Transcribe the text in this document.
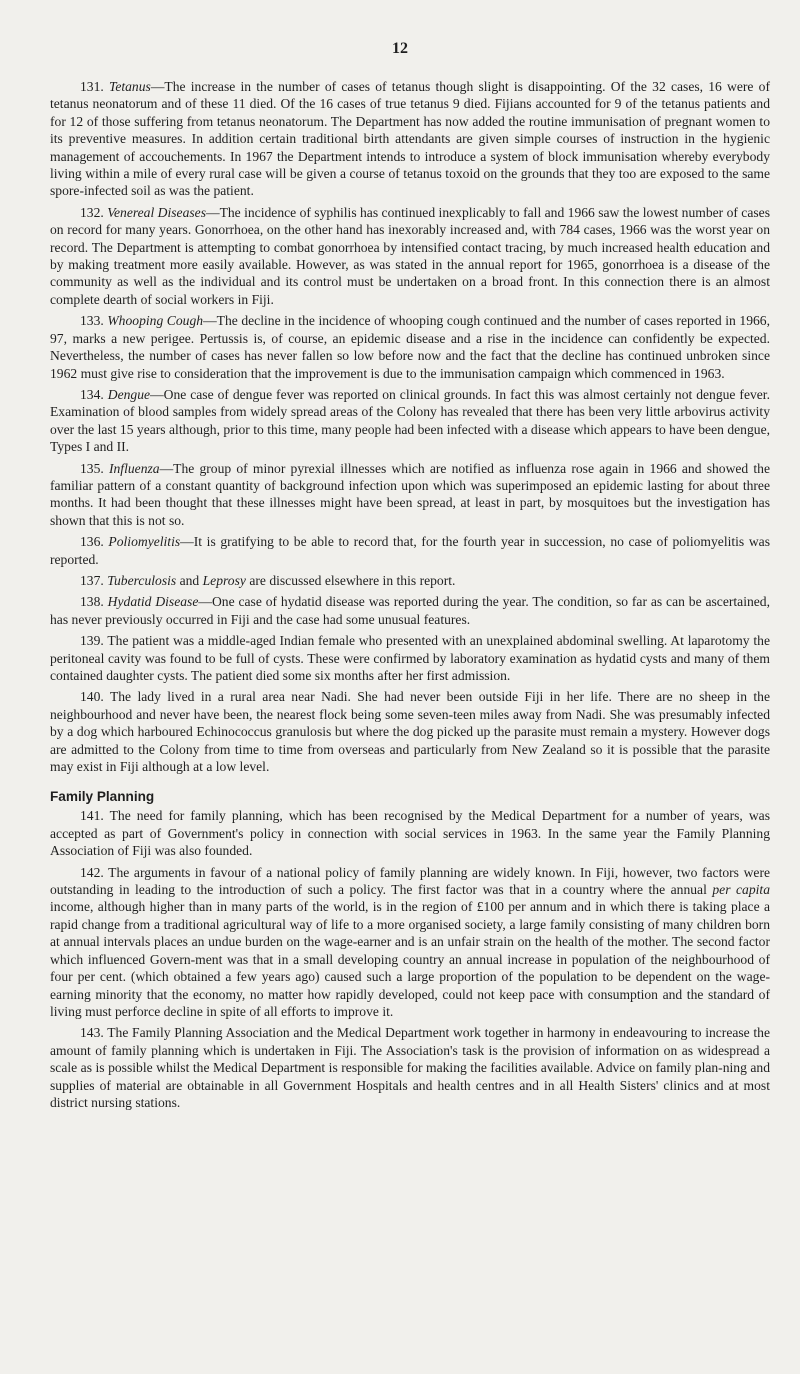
12

131. Tetanus—The increase in the number of cases of tetanus though slight is disappointing. Of the 32 cases, 16 were of tetanus neonatorum and of these 11 died. Of the 16 cases of true tetanus 9 died. Fijians accounted for 9 of the tetanus patients and for 12 of those suffering from tetanus neonatorum. The Department has now added the routine immunisation of pregnant women to its preventive measures. In addition certain traditional birth attendants are given simple courses of instruction in the hygienic management of accouchements. In 1967 the Department intends to introduce a system of block immunisation whereby everybody living within a mile of every rural case will be given a course of tetanus toxoid on the grounds that they too are exposed to the same spore-infected soil as was the patient.

132. Venereal Diseases—The incidence of syphilis has continued inexplicably to fall and 1966 saw the lowest number of cases on record for many years. Gonorrhoea, on the other hand has inexorably increased and, with 784 cases, 1966 was the worst year on record. The Department is attempting to combat gonorrhoea by intensified contact tracing, by much increased health education and by making treatment more easily available. However, as was stated in the annual report for 1965, gonorrhoea is a disease of the community as well as the individual and its control must be undertaken on a broad front. In this connection there is an almost complete dearth of social workers in Fiji.

133. Whooping Cough—The decline in the incidence of whooping cough continued and the number of cases reported in 1966, 97, marks a new perigee. Pertussis is, of course, an epidemic disease and a rise in the incidence can confidently be expected. Nevertheless, the number of cases has never fallen so low before now and the fact that the decline has continued unbroken since 1962 must give rise to consideration that the improvement is due to the immunisation campaign which commenced in 1963.

134. Dengue—One case of dengue fever was reported on clinical grounds. In fact this was almost certainly not dengue fever. Examination of blood samples from widely spread areas of the Colony has revealed that there has been very little arbovirus activity over the last 15 years although, prior to this time, many people had been infected with a disease which appears to have been dengue, Types I and II.

135. Influenza—The group of minor pyrexial illnesses which are notified as influenza rose again in 1966 and showed the familiar pattern of a constant quantity of background infection upon which was superimposed an epidemic lasting for about three months. It had been thought that these illnesses might have been spread, at least in part, by mosquitoes but the investigation has shown that this is not so.

136. Poliomyelitis—It is gratifying to be able to record that, for the fourth year in succession, no case of poliomyelitis was reported.

137. Tuberculosis and Leprosy are discussed elsewhere in this report.

138. Hydatid Disease—One case of hydatid disease was reported during the year. The condition, so far as can be ascertained, has never previously occurred in Fiji and the case had some unusual features.

139. The patient was a middle-aged Indian female who presented with an unexplained abdominal swelling. At laparotomy the peritoneal cavity was found to be full of cysts. These were confirmed by laboratory examination as hydatid cysts and many of them contained daughter cysts. The patient died some six months after her first admission.

140. The lady lived in a rural area near Nadi. She had never been outside Fiji in her life. There are no sheep in the neighbourhood and never have been, the nearest flock being some seven-teen miles away from Nadi. She was presumably infected by a dog which harboured Echinococcus granulosis but where the dog picked up the parasite must remain a mystery. However dogs are admitted to the Colony from time to time from overseas and particularly from New Zealand so it is possible that the parasite may exist in Fiji although at a low level.

Family Planning

141. The need for family planning, which has been recognised by the Medical Department for a number of years, was accepted as part of Government's policy in connection with social services in 1963. In the same year the Family Planning Association of Fiji was also founded.

142. The arguments in favour of a national policy of family planning are widely known. In Fiji, however, two factors were outstanding in leading to the introduction of such a policy. The first factor was that in a country where the annual per capita income, although higher than in many parts of the world, is in the region of £100 per annum and in which there is taking place a rapid change from a traditional agricultural way of life to a more organised society, a large family consisting of many children born at annual intervals places an undue burden on the wage-earner and is an unfair strain on the health of the mother. The second factor which influenced Govern-ment was that in a small developing country an annual increase in population of the neighbourhood of four per cent. (which obtained a few years ago) caused such a large proportion of the population to be dependent on the wage-earning minority that the economy, no matter how rapidly developed, could not keep pace with consumption and the standard of living must perforce decline in spite of all efforts to improve it.

143. The Family Planning Association and the Medical Department work together in harmony in endeavouring to increase the amount of family planning which is undertaken in Fiji. The Association's task is the provision of information on as widespread a scale as is possible whilst the Medical Department is responsible for making the facilities available. Advice on family plan-ning and supplies of material are obtainable in all Government Hospitals and health centres and in all Health Sisters' clinics and at most district nursing stations.
